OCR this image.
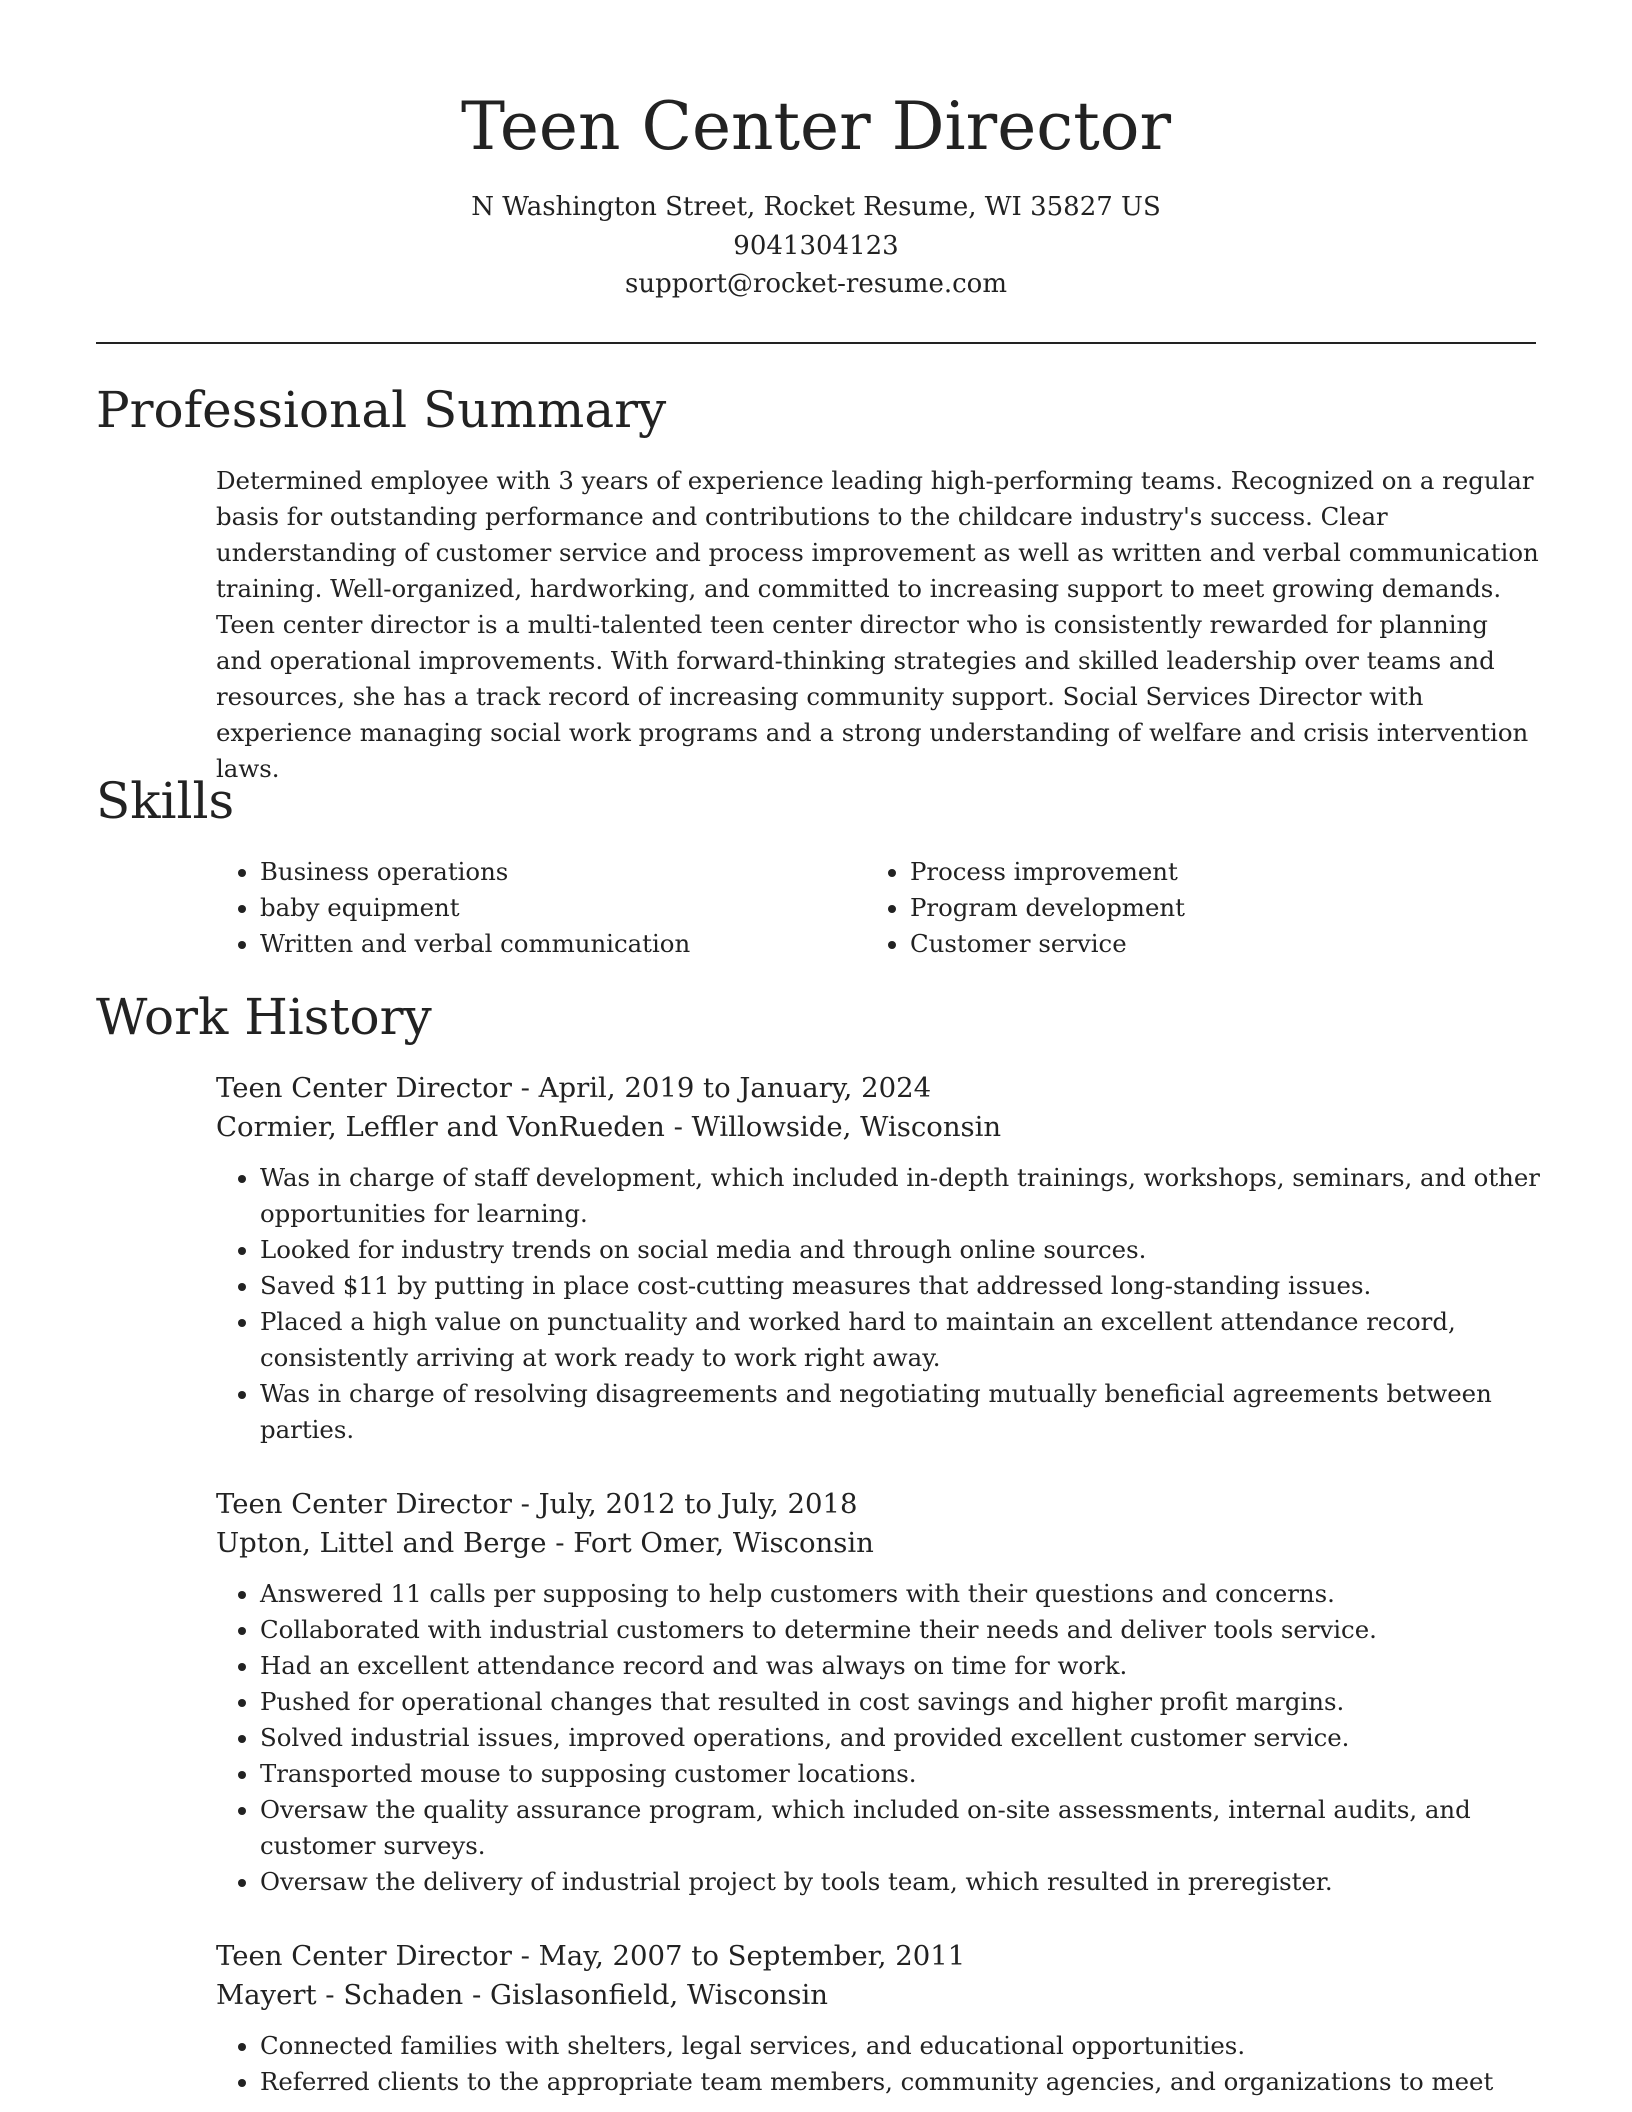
Teen Center Director
N Washington Street, Rocket Resume, WI 35827 US
9041304123
support@rocket-resume.com
Professional Summary

Determined employee with 3 years of experience leading high-performing teams. Recognized on a regular basis for outstanding performance and contributions to the childcare industry's success. Clear understanding of customer service and process improvement as well as written and verbal communication training. Well-organized, hardworking, and committed to increasing support to meet growing demands. Teen center director is a multi-talented teen center director who is consistently rewarded for planning and operational improvements. With forward-thinking strategies and skilled leadership over teams and resources, she has a track record of increasing community support. Social Services Director with experience managing social work programs and a strong understanding of welfare and crisis intervention laws.

Skills
• Business operations
• baby equipment
• Written and verbal communication
• Process improvement
• Program development
• Customer service
Work History
Teen Center Director - April, 2019 to January, 2024
Cormier, Leffler and VonRueden - Willowside, Wisconsin
• Was in charge of staff development, which included in-depth trainings, workshops, seminars, and other opportunities for learning.
• Looked for industry trends on social media and through online sources.
• Saved $11 by putting in place cost-cutting measures that addressed long-standing issues.
• Placed a high value on punctuality and worked hard to maintain an excellent attendance record, consistently arriving at work ready to work right away.
• Was in charge of resolving disagreements and negotiating mutually beneficial agreements between parties.
Teen Center Director - July, 2012 to July, 2018
Upton, Littel and Berge - Fort Omer, Wisconsin
• Answered 11 calls per supposing to help customers with their questions and concerns.
• Collaborated with industrial customers to determine their needs and deliver tools service.
• Had an excellent attendance record and was always on time for work.
• Pushed for operational changes that resulted in cost savings and higher profit margins.
• Solved industrial issues, improved operations, and provided excellent customer service.
• Transported mouse to supposing customer locations.
• Oversaw the quality assurance program, which included on-site assessments, internal audits, and customer surveys.
• Oversaw the delivery of industrial project by tools team, which resulted in preregister.
Teen Center Director - May, 2007 to September, 2011
Mayert - Schaden - Gislasonfield, Wisconsin
• Connected families with shelters, legal services, and educational opportunities.
• Referred clients to the appropriate team members, community agencies, and organizations to meet
